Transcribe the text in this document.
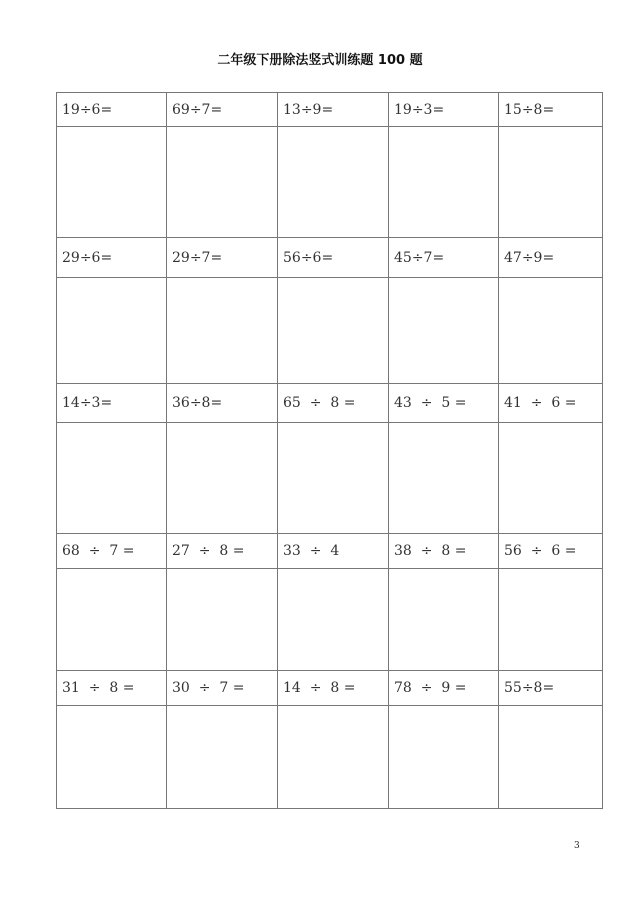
二年级下册除法竖式训练题 100 题
19÷6=	69÷7=	13÷9=	19÷3=	15÷8=

29÷6=	29÷7=	56÷6=	45÷7=	47÷9=

14÷3=	36÷8=	65  ÷  8 =	43  ÷  5 =	41  ÷  6 =

68  ÷  7 =	27  ÷  8 =	33  ÷  4	38  ÷  8 =	56  ÷  6 =

31  ÷  8 =	30  ÷  7 =	14  ÷  8 =	78  ÷  9 =	55÷8=

3
